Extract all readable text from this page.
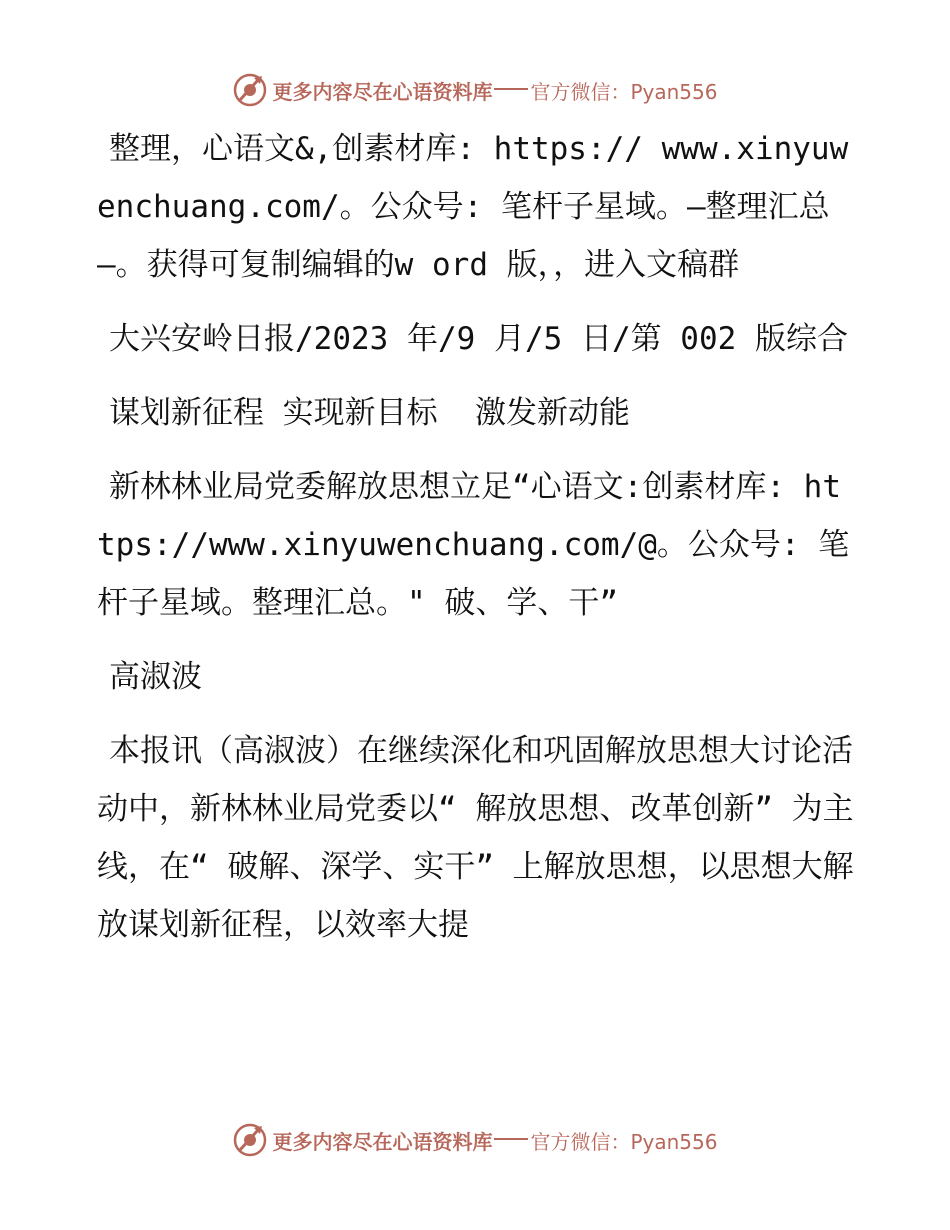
更多内容尽在心语资料库 官方微信：Pyan556

整理，心语文&,创素材库: https:// www.xinyuwenchuang.com/。公众号: 笔杆子星域。—整理汇总—。获得可复制编辑的w ord 版，，进入文稿群

大兴安岭日报/2023 年/9 月/5 日/第 002 版综合

谋划新征程 实现新目标  激发新动能

新林林业局党委解放思想立足“心语文:创素材库: https://www.xinyuwenchuang.com/@。公众号: 笔杆子星域。整理汇总。" 破、学、干”

高淑波

本报讯（高淑波）在继续深化和巩固解放思想大讨论活动中，新林林业局党委以“ 解放思想、改革创新” 为主线，在“ 破解、深学、实干” 上解放思想，以思想大解放谋划新征程，以效率大提

更多内容尽在心语资料库 官方微信：Pyan556
